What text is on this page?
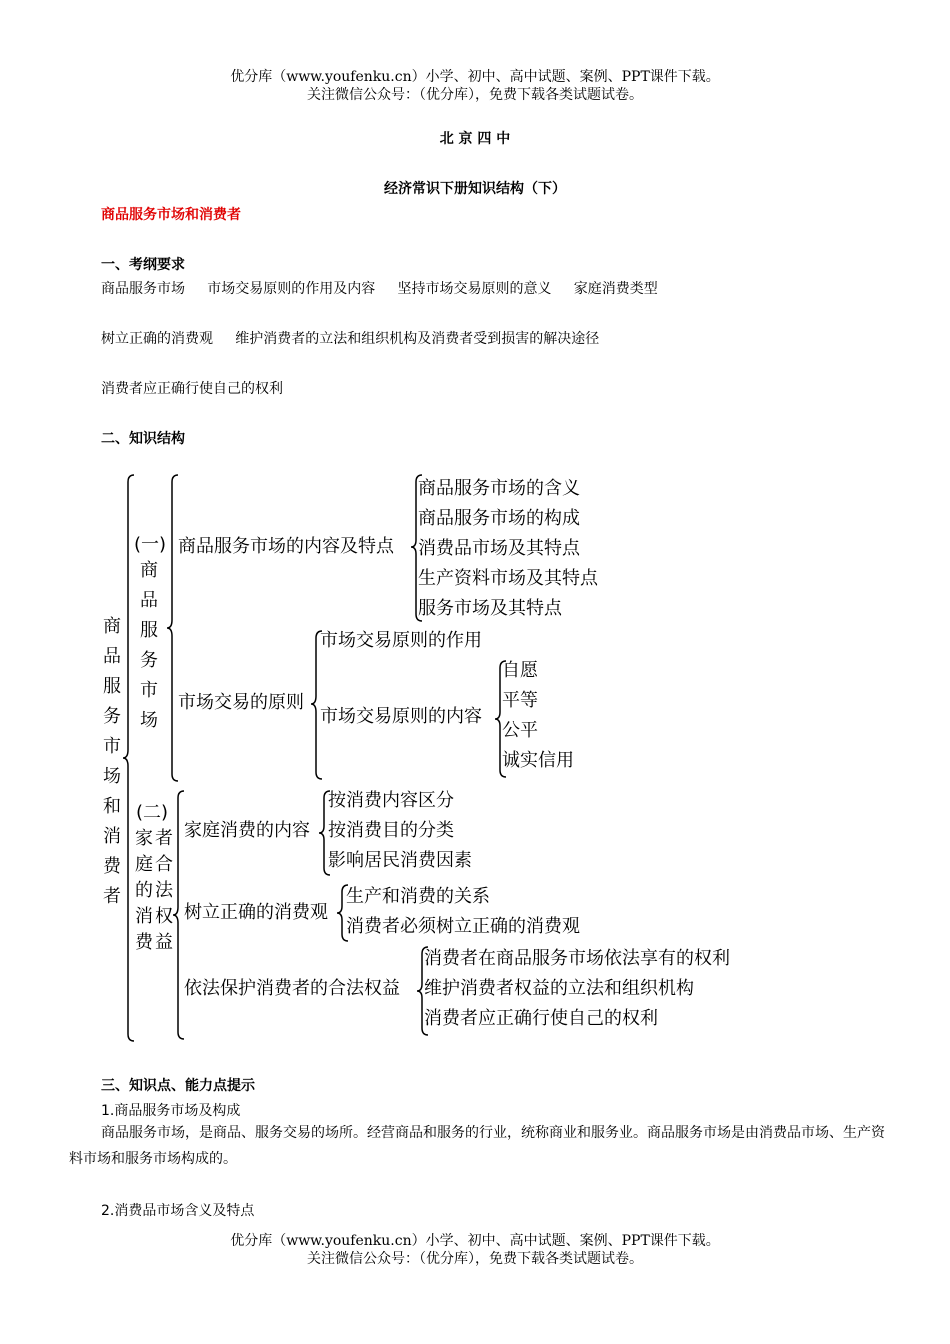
优分库（www.youfenku.cn）小学、初中、高中试题、案例、PPT课件下载。
关注微信公众号：（优分库），免费下载各类试题试卷。
北 京 四 中
经济常识下册知识结构（下）
商品服务市场和消费者
一、考纲要求
商品服务市场     市场交易原则的作用及内容     坚持市场交易原则的意义     家庭消费类型
树立正确的消费观     维护消费者的立法和组织机构及消费者受到损害的解决途径
消费者应正确行使自己的权利
二、知识结构
商品服务市场和消费者
(一)
商品服务市场
商品服务市场的内容及特点
商品服务市场的含义
商品服务市场的构成
消费品市场及其特点
生产资料市场及其特点
服务市场及其特点
市场交易的原则
市场交易原则的作用
市场交易原则的内容
自愿
平等
公平
诚实信用
(二)
家庭的消费
者合法权益
家庭消费的内容
按消费内容区分
按消费目的分类
影响居民消费因素
树立正确的消费观
生产和消费的关系
消费者必须树立正确的消费观
依法保护消费者的合法权益
消费者在商品服务市场依法享有的权利
维护消费者权益的立法和组织机构
消费者应正确行使自己的权利
三、知识点、能力点提示
1.商品服务市场及构成
商品服务市场，是商品、服务交易的场所。经营商品和服务的行业，统称商业和服务业。商品服务市场是由消费品市场、生产资料市场和服务市场构成的。
2.消费品市场含义及特点
优分库（www.youfenku.cn）小学、初中、高中试题、案例、PPT课件下载。
关注微信公众号：（优分库），免费下载各类试题试卷。
